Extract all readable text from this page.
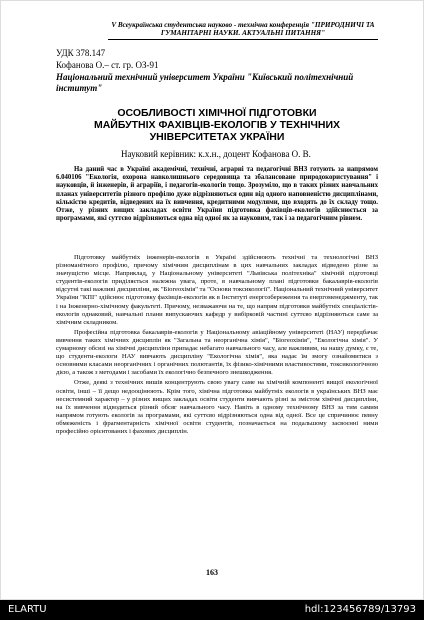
V Всеукраїнська студентська науково - технічна конференція "ПРИРОДНИЧІ ТА ГУМАНІТАРНІ НАУКИ. АКТУАЛЬНІ ПИТАННЯ"
УДК 378.147
Кофанова О.– ст. гр. ОЗ-91
Національний технічний університет України "Київський політехнічний інститут"
ОСОБЛИВОСТІ ХІМІЧНОЇ ПІДГОТОВКИ МАЙБУТНІХ ФАХІВЦІВ-ЕКОЛОГІВ У ТЕХНІЧНИХ УНІВЕРСИТЕТАХ УКРАЇНИ
Науковий керівник: к.х.н., доцент Кофанова О. В.
На даний час в Україні академічні, технічні, аграрні та педагогічні ВНЗ готують за напрямом 6.040106 "Екологія, охорона навколишнього середовища та збалансоване природокористування" і науковців, й інженерів, й аграріїв, і педагогів-екологів тощо. Зрозуміло, що в таких різних навчальних планах університетів різного профілю дуже відрізняються один від одного наповненістю дисциплінами, кількістю кредитів, відведених на їх вивчення, кредитними модулями, що входять до їх складу тощо. Отже, у різних вищих закладах освіти України підготовка фахівців-екологів здійснюється за програмами, які суттєво відрізняються одна від одної як за науковим, так і за педагогічним рівнем.

Підготовку майбутніх інженерів-екологів в Україні здійснюють технічні та технологічні ВНЗ різноманітного профілю, причому хімічним дисциплінам в цих навчальних закладах відведено різне за значущістю місце. Наприклад, у Національному університеті "Львівська політехніка" хімічній підготовці студентів-екологів приділяється належна увага, проте, в навчальному плані підготовки бакалаврів-екологів відсутні такі важливі дисципліни, як "Біогеохімія" та "Основи токсикології". Національний технічний університет України "КПІ" здійснює підготовку фахівців-екологів як в Інституті енергозбереження та енергоменеджменту, так і на Інженерно-хімічному факультеті. Причому, незважаючи на те, що напрям підготовки майбутніх спеціалістів-екологів однаковий, навчальні плани випускаючих кафедр у вибірковій частині суттєво відрізняються саме за хімічним складником.

Професійна підготовка бакалаврів-екологів у Національному авіаційному університеті (НАУ) передбачає вивчення таких хімічних дисциплін як "Загальна та неорганічна хімія", "Біогеохімія", "Екологічна хімія". У сумарному обсязі на хімічні дисципліни припадає небагато навчального часу, але важливим, на нашу думку, є те, що студенти-екологи НАУ вивчають дисципліну "Екологічна хімія", яка надає їм змогу ознайомитися з основними класами неорганічних і органічних полютантів, їх фізико-хімічними властивостями, токсикологічною дією, а також з методами і засобами їх екологічно безпечного знешкодження.

Отже, деякі з технічних вишів концентрують свою увагу саме на хімічній компоненті вищої екологічної освіти, інші – її дещо недооцінюють. Крім того, хімічна підготовка майбутніх екологів в українських ВНЗ має несистемний характер – у різних вищих закладах освіти студенти вивчають різні за змістом хімічні дисципліни, на їх вивчення відводиться різний обсяг навчального часу. Навіть в одному технічному ВНЗ за тим самим напрямом готують екологів за програмами, які суттєво відрізняються одна від одної. Все це спричинює певну обмеженість і фрагментарність хімічної освіти студентів, позначається на подальшому засвоєнні ними професійно орієнтованих і фахових дисциплін.

163
ELARTU	hdl:123456789/13793
